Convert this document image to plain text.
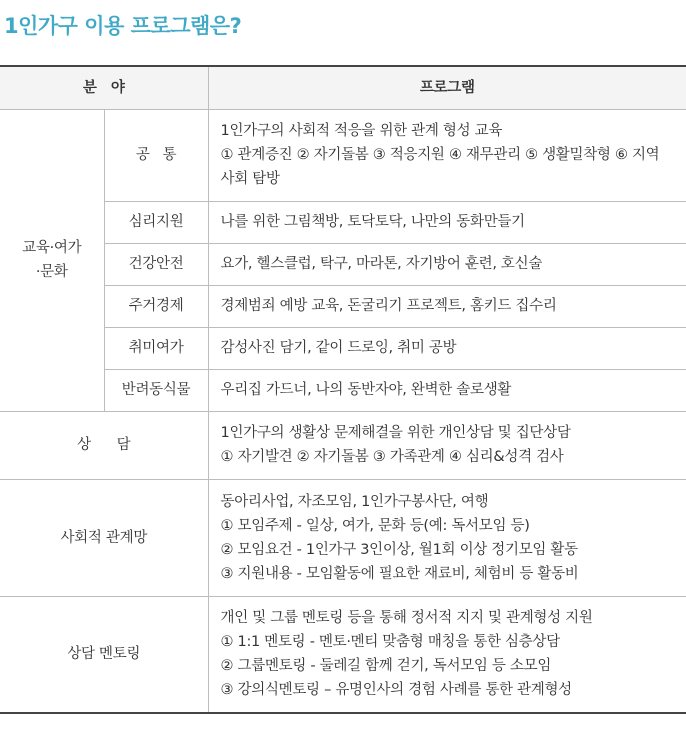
1인가구 이용 프로그램은?
분   야		프로그램

교육·여가
·문화	공   통	1인가구의 사회적 적응을 위한 관계 형성 교육
① 관계증진 ② 자기돌봄 ③ 적응지원 ④ 재무관리 ⑤ 생활밀착형 ⑥ 지역사회 탐방

	심리지원	나를 위한 그림책방, 토닥토닥, 나만의 동화만들기

	건강안전	요가, 헬스클럽, 탁구, 마라톤, 자기방어 훈련, 호신술

	주거경제	경제범죄 예방 교육, 돈굴리기 프로젝트, 홈키드 집수리

	취미여가	감성사진 담기, 같이 드로잉, 취미 공방

	반려동식물	우리집 가드너, 나의 동반자야, 완벽한 솔로생활

상      담		1인가구의 생활상 문제해결을 위한 개인상담 및 집단상담
① 자기발견 ② 자기돌봄 ③ 가족관계 ④ 심리&성격 검사

사회적 관계망		동아리사업, 자조모임, 1인가구봉사단, 여행
① 모임주제 - 일상, 여가, 문화 등(예: 독서모임 등)
② 모임요건 - 1인가구 3인이상, 월1회 이상 정기모임 활동
③ 지원내용 - 모임활동에 필요한 재료비, 체험비 등 활동비

상담 멘토링		개인 및 그룹 멘토링 등을 통해 정서적 지지 및 관계형성 지원
① 1:1 멘토링 - 멘토·멘티 맞춤형 매칭을 통한 심층상담
② 그룹멘토링 - 둘레길 함께 걷기, 독서모임 등 소모임
③ 강의식멘토링 – 유명인사의 경험 사례를 통한 관계형성
